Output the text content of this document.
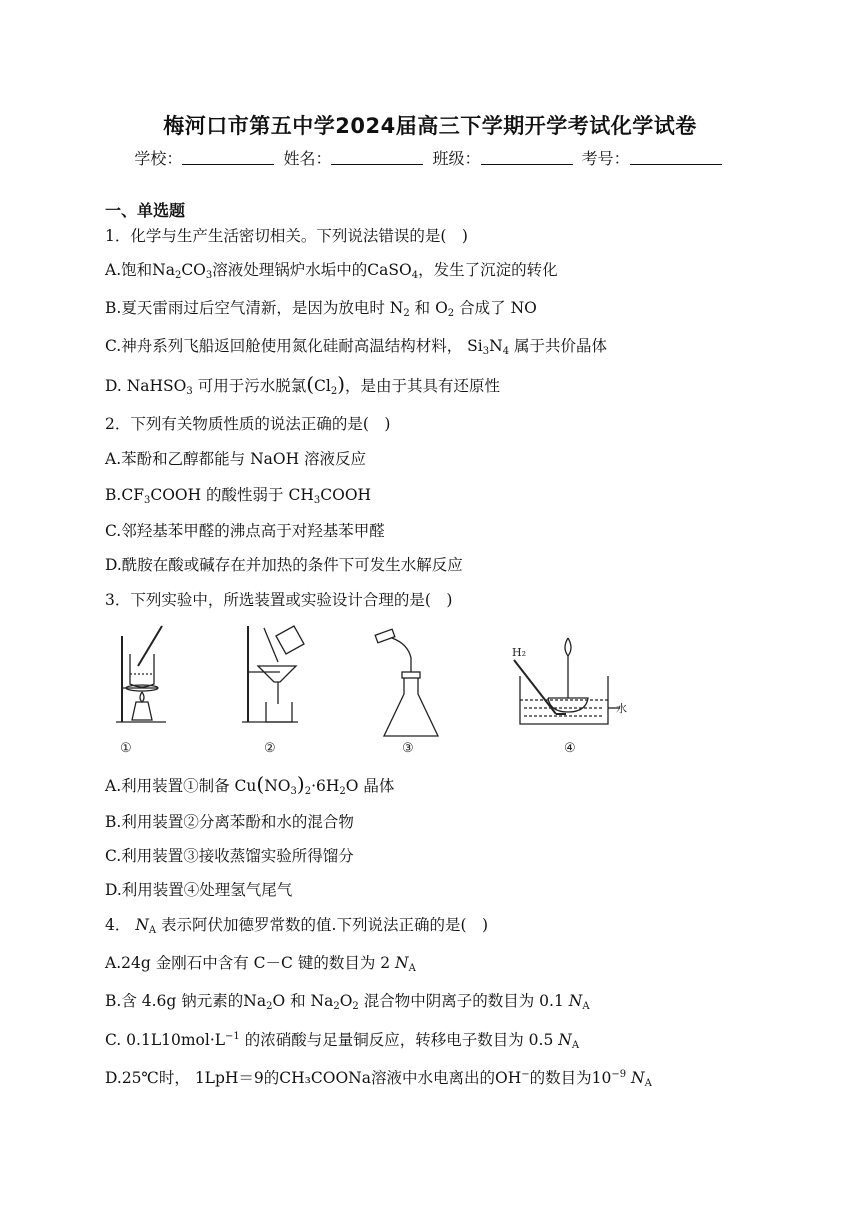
梅河口市第五中学2024届高三下学期开学考试化学试卷
学校：	姓名：	班级：	考号：
一、单选题
1．化学与生产生活密切相关。下列说法错误的是(　)
A.饱和$Na_2CO_3$溶液处理锅炉水垢中的CaSO$_4$，发生了沉淀的转化
B.夏天雷雨过后空气清新，是因为放电时 $N_2$ 和 $O_2$ 合成了 NO
C.神舟系列飞船返回舱使用氮化硅耐高温结构材料， $Si_3N_4$ 属于共价晶体
D. NaHSO$_3$ 可用于污水脱氯$(Cl_2)$，是由于其具有还原性
2．下列有关物质性质的说法正确的是(　)
A.苯酚和乙醇都能与 NaOH 溶液反应
$B.CF_3COOH$ 的酸性弱于 $CH_3COOH$
C.邻羟基苯甲醛的沸点高于对羟基苯甲醛
D.酰胺在酸或碱存在并加热的条件下可发生水解反应
3．下列实验中，所选装置或实验设计合理的是(　)
①	②	③	④
H₂
水
A.利用装置①制备 $Cu(NO_3)_2\cdot 6H_2O$ 晶体
B.利用装置②分离苯酚和水的混合物
C.利用装置③接收蒸馏实验所得馏分
D.利用装置④处理氢气尾气
4． $N_A$ 表示阿伏加德罗常数的值.下列说法正确的是(　)
A.24g 金刚石中含有 C－C 键的数目为 2 $N_A$
B.含 4.6g 钠元素的$Na_2O$ 和 $Na_2O_2$ 混合物中阴离子的数目为 0.1 $N_A$
C. $0.1L10mol\cdot L^{-1}$ 的浓硝酸与足量铜反应，转移电子数目为 0.5 $N_A$
D.25℃时， 1LpH＝9的CH₃COONa溶液中水电离出的OH−的数目为$10^{-9}$ $N_A$
